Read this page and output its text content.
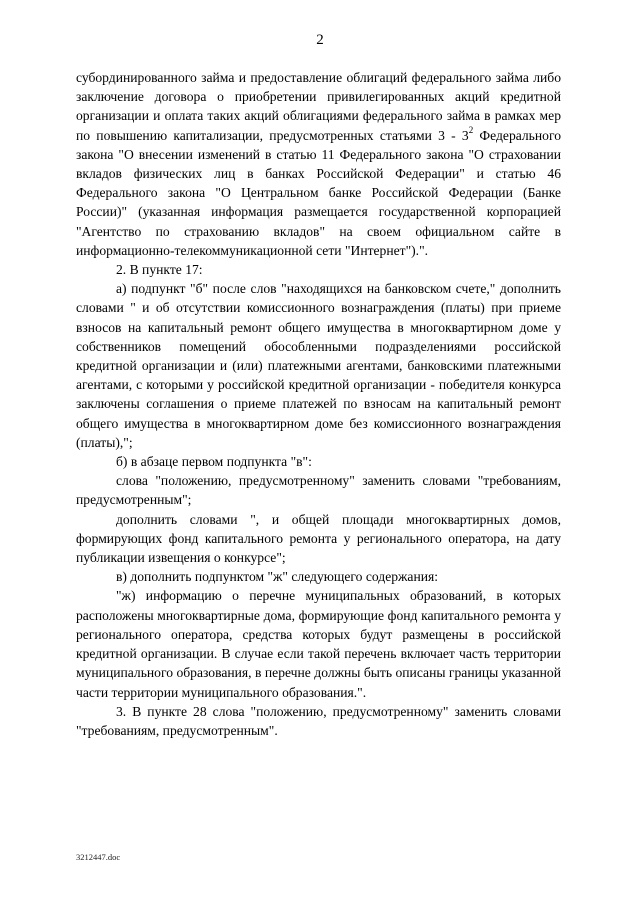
2

субординированного займа и предоставление облигаций федерального займа либо заключение договора о приобретении привилегированных акций кредитной организации и оплата таких акций облигациями федерального займа в рамках мер по повышению капитализации, предусмотренных статьями $3 - 3^2$ Федерального закона "О внесении изменений в статью 11 Федерального закона "О страховании вкладов физических лиц в банках Российской Федерации" и статью 46 Федерального закона "О Центральном банке Российской Федерации (Банке России)" (указанная информация размещается государственной корпорацией "Агентство по страхованию вкладов" на своем официальном сайте в информационно-телекоммуникационной сети "Интернет").".

2. В пункте 17:

а) подпункт "б" после слов "находящихся на банковском счете," дополнить словами " и об отсутствии комиссионного вознаграждения (платы) при приеме взносов на капитальный ремонт общего имущества в многоквартирном доме у собственников помещений обособленными подразделениями российской кредитной организации и (или) платежными агентами, банковскими платежными агентами, с которыми у российской кредитной организации - победителя конкурса заключены соглашения о приеме платежей по взносам на капитальный ремонт общего имущества в многоквартирном доме без комиссионного вознаграждения (платы),";

б) в абзаце первом подпункта "в":

слова "положению, предусмотренному" заменить словами "требованиям, предусмотренным";

дополнить словами ", и общей площади многоквартирных домов, формирующих фонд капитального ремонта у регионального оператора, на дату публикации извещения о конкурсе";

в) дополнить подпунктом "ж" следующего содержания:

"ж) информацию о перечне муниципальных образований, в которых расположены многоквартирные дома, формирующие фонд капитального ремонта у регионального оператора, средства которых будут размещены в российской кредитной организации. В случае если такой перечень включает часть территории муниципального образования, в перечне должны быть описаны границы указанной части территории муниципального образования.".

3. В пункте 28 слова "положению, предусмотренному" заменить словами "требованиям, предусмотренным".

3212447.doc
